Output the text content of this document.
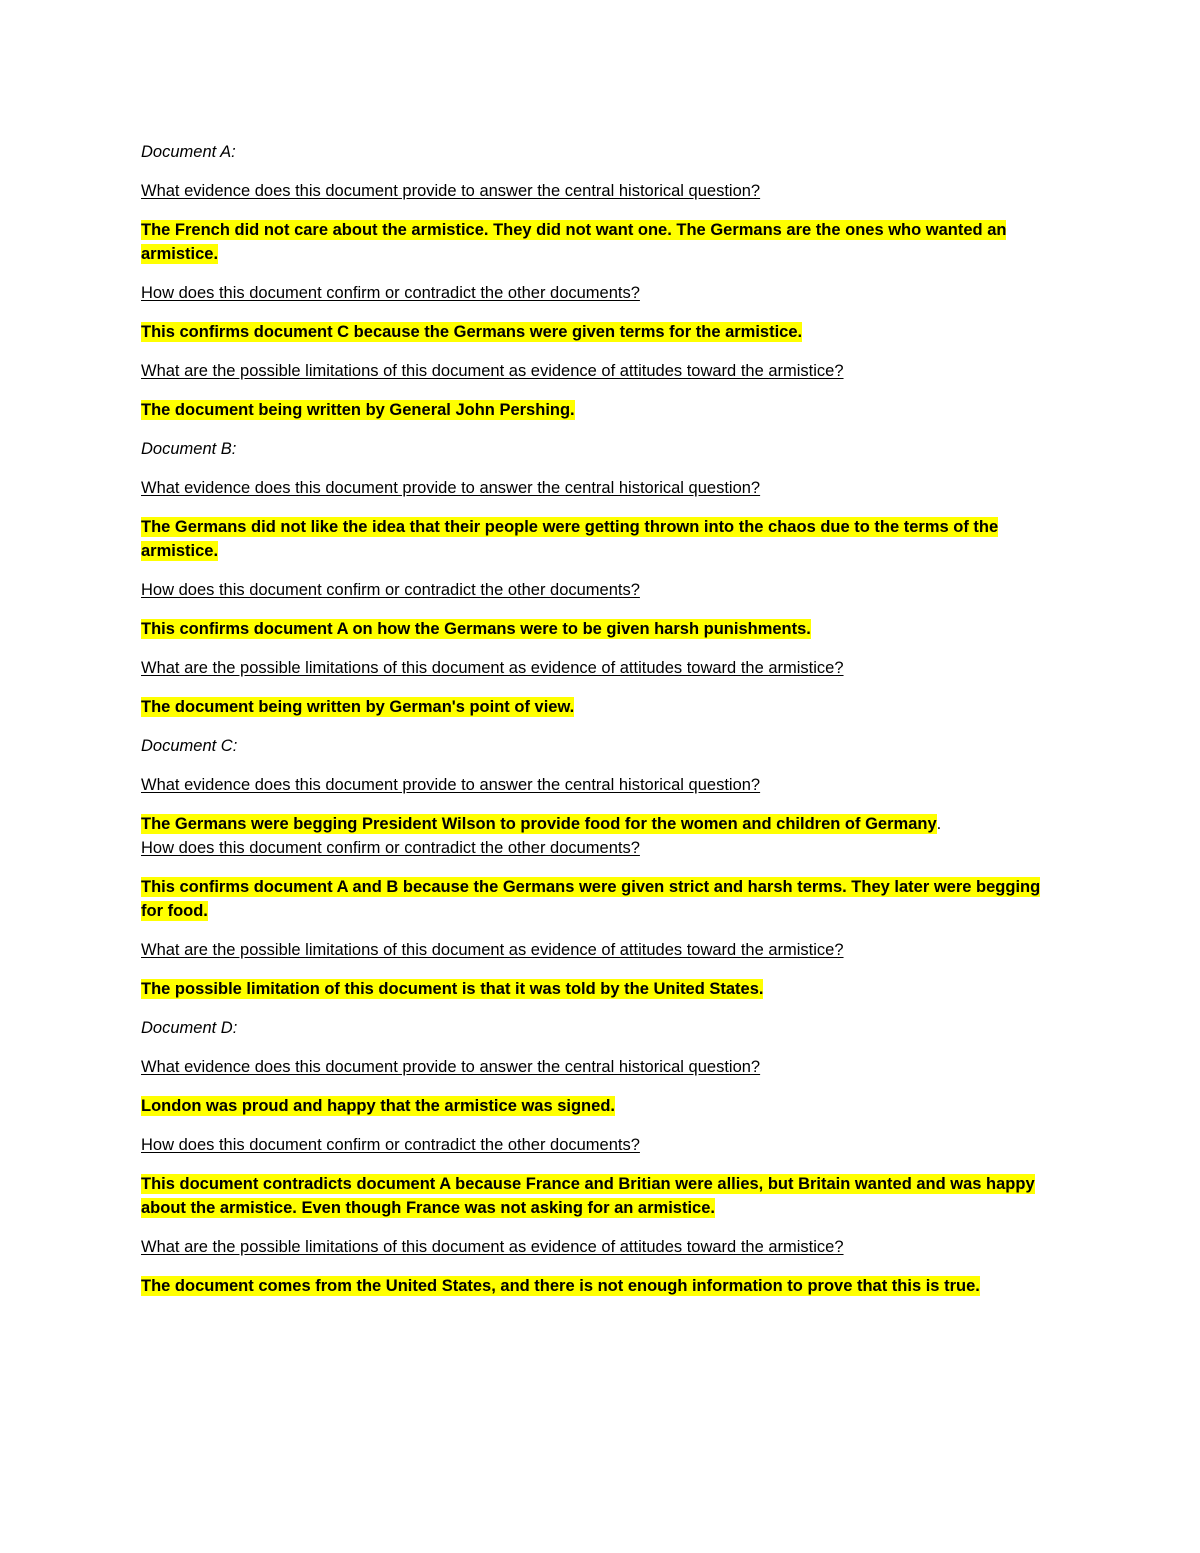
Document A:

What evidence does this document provide to answer the central historical question?

The French did not care about the armistice. They did not want one. The Germans are the ones who wanted an armistice.

How does this document confirm or contradict the other documents?

This confirms document C because the Germans were given terms for the armistice.

What are the possible limitations of this document as evidence of attitudes toward the armistice?

The document being written by General John Pershing.

Document B:

What evidence does this document provide to answer the central historical question?

The Germans did not like the idea that their people were getting thrown into the chaos due to the terms of the armistice.

How does this document confirm or contradict the other documents?

This confirms document A on how the Germans were to be given harsh punishments.

What are the possible limitations of this document as evidence of attitudes toward the armistice?

The document being written by German's point of view.

Document C:

What evidence does this document provide to answer the central historical question?

The Germans were begging President Wilson to provide food for the women and children of Germany.

How does this document confirm or contradict the other documents?

This confirms document A and B because the Germans were given strict and harsh terms. They later were begging for food.

What are the possible limitations of this document as evidence of attitudes toward the armistice?

The possible limitation of this document is that it was told by the United States.

Document D:

What evidence does this document provide to answer the central historical question?

London was proud and happy that the armistice was signed.

How does this document confirm or contradict the other documents?

This document contradicts document A because France and Britian were allies, but Britain wanted and was happy about the armistice. Even though France was not asking for an armistice.

What are the possible limitations of this document as evidence of attitudes toward the armistice?

The document comes from the United States, and there is not enough information to prove that this is true.
